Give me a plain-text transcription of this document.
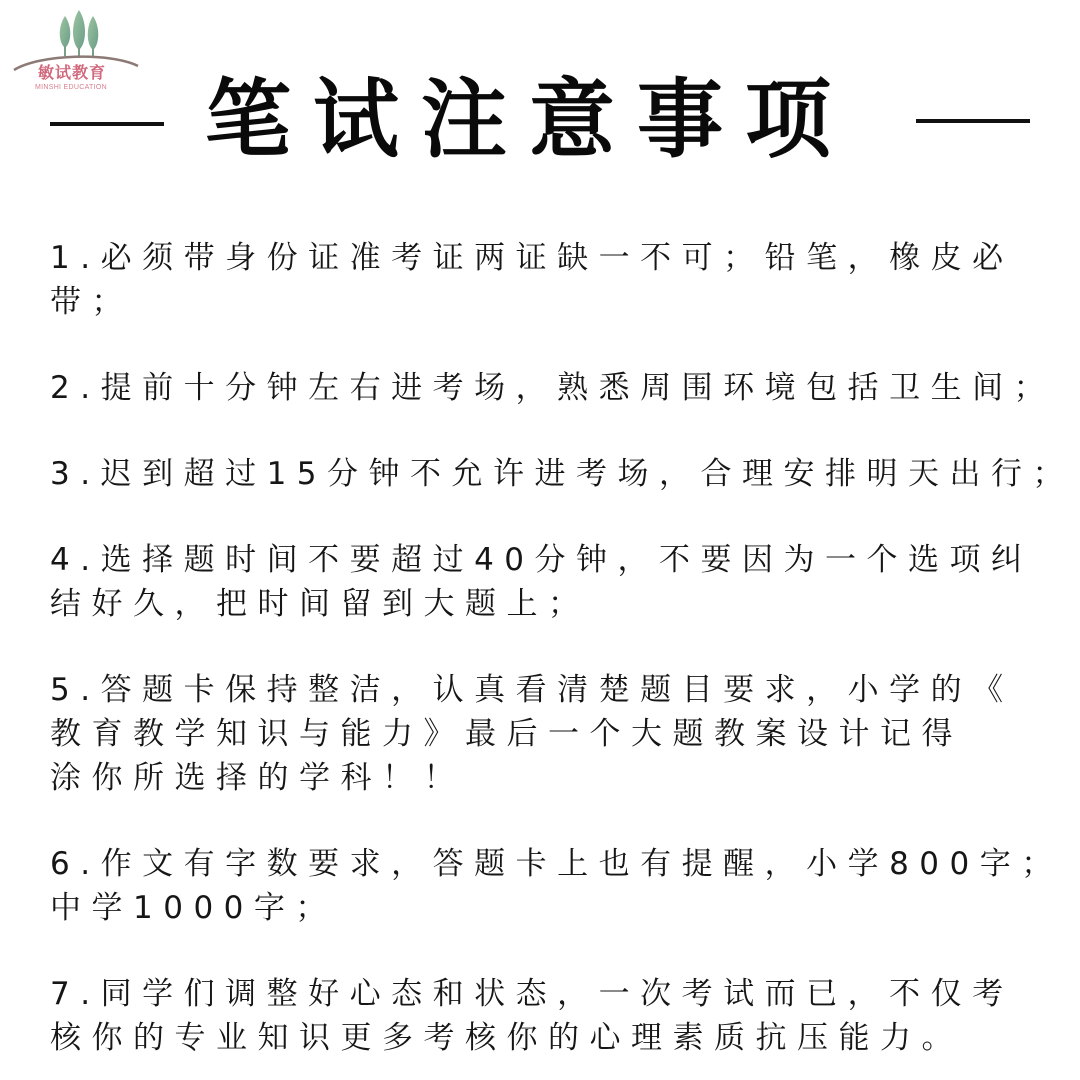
敏试教育
MINSHI EDUCATION 笔试注意事项

1.必须带身份证准考证两证缺一不可；铅笔，橡皮必
带；

2.提前十分钟左右进考场，熟悉周围环境包括卫生间；

3.迟到超过15分钟不允许进考场，合理安排明天出行；

4.选择题时间不要超过40分钟，不要因为一个选项纠
结好久，把时间留到大题上；

5.答题卡保持整洁，认真看清楚题目要求，小学的《
教育教学知识与能力》最后一个大题教案设计记得
涂你所选择的学科！！

6.作文有字数要求，答题卡上也有提醒，小学800字；
中学1000字；

7.同学们调整好心态和状态，一次考试而已，不仅考
核你的专业知识更多考核你的心理素质抗压能力。
